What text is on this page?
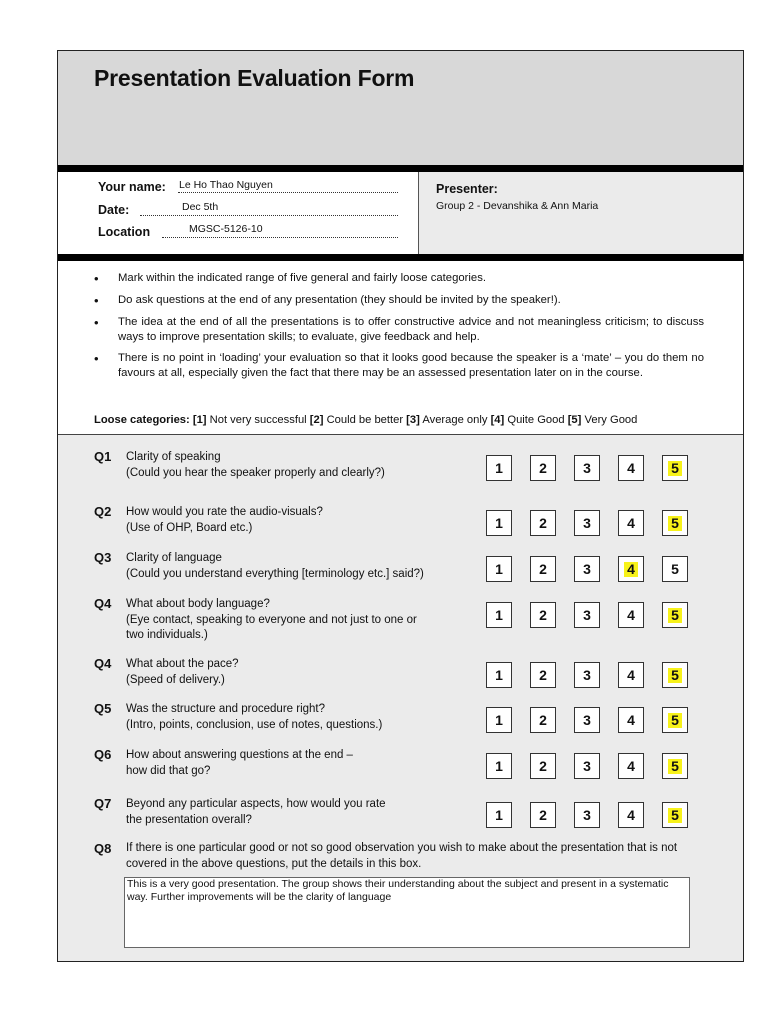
Presentation Evaluation Form
Your name: Le Ho Thao Nguyen
Date:	Dec 5th
Location	MGSC-5126-10
Presenter:
Group 2 - Devanshika & Ann Maria
• Mark within the indicated range of five general and fairly loose categories.
• Do ask questions at the end of any presentation (they should be invited by the speaker!).
• The idea at the end of all the presentations is to offer constructive advice and not meaningless criticism; to discuss ways to improve presentation skills; to evaluate, give feedback and help.
• There is no point in ‘loading’ your evaluation so that it looks good because the speaker is a ‘mate’ – you do them no favours at all, especially given the fact that there may be an assessed presentation later on in the course.
Loose categories: [1] Not very successful [2] Could be better [3] Average only [4] Quite Good [5] Very Good
Q1 Clarity of speaking
(Could you hear the speaker properly and clearly?)	1	2	3	4	5
Q2 How would you rate the audio-visuals?
(Use of OHP, Board etc.)	1	2	3	4	5
Q3 Clarity of language
(Could you understand everything [terminology etc.] said?)	1	2	3	4	5
Q4 What about body language?
(Eye contact, speaking to everyone and not just to one or
two individuals.)
1	2	3	4	5
Q4 What about the pace?
(Speed of delivery.)	1	2	3	4	5
Q5 Was the structure and procedure right?
(Intro, points, conclusion, use of notes, questions.)	1	2	3	4	5
Q6 How about answering questions at the end –
how did that go?	1	2	3	4	5
Q7 Beyond any particular aspects, how would you rate
the presentation overall?	1	2	3	4	5
Q8 If there is one particular good or not so good observation you wish to make about the presentation that is not covered in the above questions, put the details in this box.
This is a very good presentation. The group shows their understanding about the subject and present in a systematic way. Further improvements will be the clarity of language
